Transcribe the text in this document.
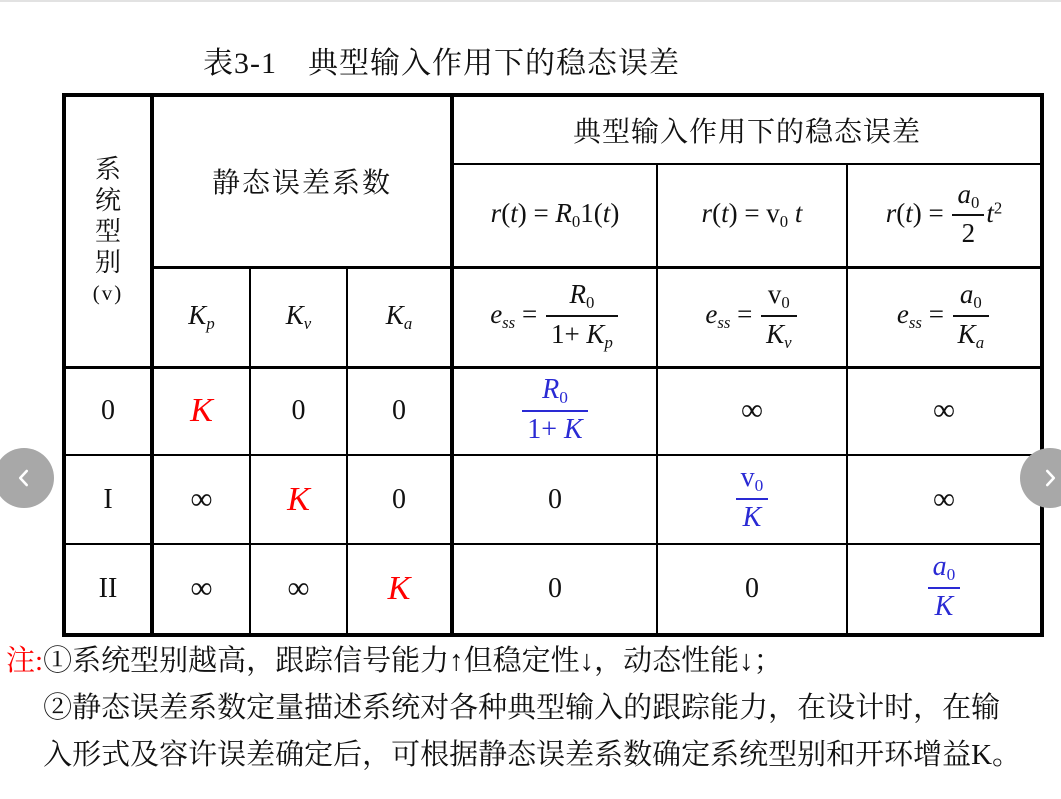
表3-1　典型输入作用下的稳态误差
系
统
型
别
(v)	静态误差系数			典型输入作用下的稳态误差		
				r(t) = R01(t)	r(t) = v0 t	$r(t) = \frac{a0}{2} t^2$
	Kp	Kv	Ka	ess = $\frac{R0}{1+ Kp}$	ess = $\frac{v0}{Kv}$	ess = $\frac{a0}{Ka}$

0	K	0	0	$\frac{R0}{1+ K}$	∞	∞
I	∞	K	0	0	$\frac{v0}{K}$	∞
II	∞	∞	K	0	0	$\frac{a0}{K}$
注: ①系统型别越高，跟踪信号能力↑但稳定性↓，动态性能↓；
②静态误差系数定量描述系统对各种典型输入的跟踪能力，在设计时，在输
入形式及容许误差确定后，可根据静态误差系数确定系统型别和开环增益K。
